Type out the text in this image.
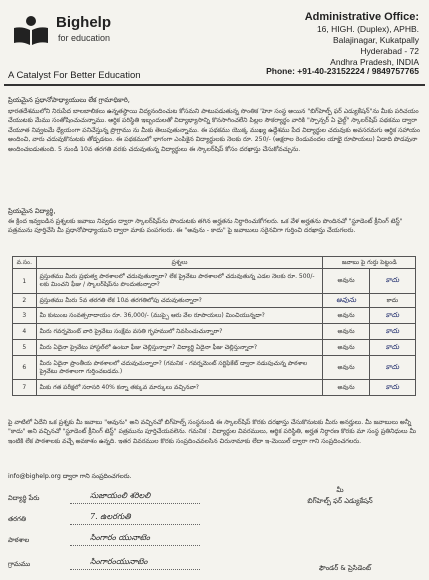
Bighelp
for education
A Catalyst For Better Education
Administrative Office:
16, HIGH. (Duplex), APHB.
Balajinagar, Kukatpally
Hyderabad - 72
Andhra Pradesh, INDIA
Phone: +91-40-23152224 / 9849757765
ప్రియమైన ప్రధానోపాధ్యాయులు లేక గ్రామాధికారి,
భారతదేశములోని నిరుపేద బాలబాలికలు ఉన్నతస్థాయి విద్యనందించుట కోసమని పాటుపడుతున్న సొంతిక 'హెూ సంస్థ అయిన "బిగ్‌హెల్ప్ ఫర్ ఎడ్యుకేషన్"ను మీకు పరిచయం చేయుటకు మేము సంతోషించుచున్నాము. ఆర్థిక పరిస్థితి ఇబ్బందులతో విద్యాభ్యాసాన్ని కొనసాగించలేని పిల్లల సౌకర్యార్థం వారికి "స్పాన్సర్ ఏ చైల్డ్" స్కాలర్‌షిప్ పథకము ద్వారా చేయూత నివ్వటమే ధ్యేయంగా పనిచేస్తున్న ప్రొగ్రాము ను మీకు తెలుపుతున్నాము. ఈ పథకము యొక్క ముఖ్య ఉద్దేశము పేద విద్యార్థుల చదువుకు అవసరమగు ఆర్థిక సహాయం అందించి, వారు చదువుకొనుటకు తోడ్పడటం. ఈ పథకములో భాగంగా ఎంపికైన విద్యార్థులకు నెలకు రూ. 250/- (అక్షరాల రెండువందల యాభై రూపాయలు) ఏడాది పొడవునా అందించబడుతుంది. 5 నుండి 10వ తరగతి వరకు చదువుతున్న విద్యార్థులు ఈ స్కాలర్‌షిప్ కోసం దరఖాస్తు చేసుకోవచ్చును.
ప్రియమైన విద్యార్థి,
ఈ క్రింద ఇవ్వబడిన ప్రశ్నలకు జవాబు నివ్వడం ద్వారా స్కాలర్‌షిప్‌ను పొందుటకు తగిన అర్హతను నిర్ధారించుకోగలరు. ఒక వేళ అర్హతను పొందినచో "స్టూడెంట్ క్రీనింగ్ టెస్ట్" పత్రమును పూర్తిచేసి మీ ప్రధానోపాధ్యాయుని ద్వారా మాకు పంపగలరు. ఈ "అవును - కాదు" పై జవాబులు సరైనవిగా గుర్తించి దరఖాస్తు చేయగలరు.
వ.సం.	ప్రశ్నలు	జవాబు పై గుర్తు పెట్టండి	
1	ప్రస్తుతము మీరు ప్రభుత్వ పాఠశాలలో చదువుతున్నారా? లేక ప్రైవేటు పాఠశాలలో చదువుతున్న ఎడల నెలకు రూ. 500/-లకు మించని ఫీజు / స్కాలర్‌షిప్‌ను పొందుతున్నారా?	అవును	కాదు
2	ప్రస్తుతము మీరు 5వ తరగతి లేక 10వ తరగతిలోపు చదువుతున్నారా?	అవును	కాదు
3	మీ కుటుంబ సంవత్సరాదాయం రూ. 36,000/- (ముప్పై ఆరు వేల రూపాయలు) మించియున్నదా?	అవును	కాదు
4	మీరు గవర్నమెంట్ వారి ప్రైవేటు సంక్షేమ వసతి గృహములో నివసించుచున్నారా?	అవును	కాదు
5	మీరు ఏదైనా ప్రైవేటు హాస్టల్‌లో ఉంటూ ఫీజు చెల్లిస్తున్నారా? విద్యార్థి ఏదైనా ఫీజు చెల్లిస్తున్నారా?	అవును	కాదు
6	మీరు ఏదైనా ప్రాంతీయ పాఠశాలలో చదువుచున్నారా? (గమనిక - గవర్నమెంట్ సర్టిఫికేట్ ద్వారా నడుపుచున్న పాఠశాల ప్రైవేటు పాఠశాలగా గుర్తించబడదు.)	అవును	కాదు
7	మీకు గత పరీక్షలో సరాసరి 40% కన్నా తక్కువ మార్కులు వచ్చినవా?	అవును	కాదు
పై వాటిలో ఏదేని ఒక ప్రశ్నకు మీ జవాబు "అవును" అని వచ్చినచో బిగ్‌హెల్ప్ సంస్థనుండి ఈ స్కాలర్‌షిప్ కొరకు దరఖాస్తు చేసుకొనుటకు మీరు అనర్హులు. మీ జవాబులు అన్నీ "కాదు" అని వచ్చినచో "స్టూడెంట్ క్రీనింగ్ టెస్ట్" పత్రమును పూర్తిచేయవలెను. గమనిక : విద్యార్థుల వివరములు, ఆర్థిక పరిస్థితి, అర్హత నిర్ధారణ కొరకు మా సంస్థ ప్రతినిధులు మీ ఇంటికి లేక పాఠశాలకు వచ్చే అవకాశం ఉన్నది. ఇతర వివరముల కొరకు సంప్రదించవలసిన చిరునామాకు లేదా ఇ-మెయిల్ ద్వారా గాని సంప్రదించగలరు.
info@bighelp.org ద్వారా గాని సంప్రదించగలరు.
విద్యార్థి పేరు	సుజాయంలి శరిలలి
తరగతి	7. ఉలరగుతి
పాఠశాల	సింగారం యునాటెం
గ్రామము	సింగారంయునాటెం
మీ
బిగ్‌హెల్ప్ ఫర్ ఎడ్యుకేషన్
ఫౌండర్ & ప్రెసిడెంట్
